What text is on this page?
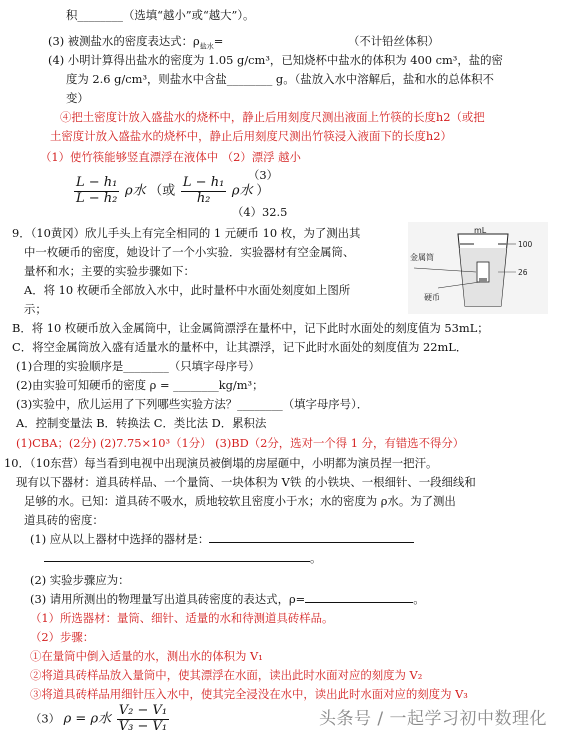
积________（选填“越小”或“越大”）。
(3) 被测盐水的密度表达式：$\rho_{盐水}=$	（不计铅丝体积）
(4) 小明计算得出盐水的密度为 1.05 g/cm³，已知烧杯中盐水的体积为 400 cm³，盐的密
度为 2.6 g/cm³，则盐水中含盐________ g。（盐放入水中溶解后，盐和水的总体积不
变）
④把土密度计放入盛盐水的烧杯中，静止后用刻度尺测出液面上竹筷的长度h2（或把
土密度计放入盛盐水的烧杯中，静止后用刻度尺测出竹筷浸入液面下的长度h2）
（1）使竹筷能够竖直漂浮在液体中 （2）漂浮 越小
（3）
$\frac{\text{L − h₁}}{\text{L − h₂}}$ ρ水 （或 $\frac{\text{L − h₁}}{\text{h₂}}$ ρ水 ）
（4）32.5
9．（10黄冈）欣儿手头上有完全相同的 1 元硬币 10 枚，为了测出其
中一枚硬币的密度，她设计了一个小实验．实验器材有空金属筒、
量杯和水；主要的实验步骤如下：
A．将 10 枚硬币全部放入水中，此时量杯中水面处刻度如上图所
示；
mL
100
26
金属筒
硬币
B．将 10 枚硬币放入金属筒中，让金属筒漂浮在量杯中，记下此时水面处的刻度值为 53mL；
C．将空金属筒放入盛有适量水的量杯中，让其漂浮，记下此时水面处的刻度值为 22mL．
(1)合理的实验顺序是________（只填字母序号）
(2)由实验可知硬币的密度 ρ = ________kg/m³；
(3)实验中，欣儿运用了下列哪些实验方法？________（填字母序号）．
A．控制变量法 B．转换法 C．类比法 D．累积法
(1)CBA；(2分) (2)7.75×10³（1分） (3)BD（2分，选对一个得 1 分，有错选不得分）
10．（10东营）每当看到电视中出现演员被倒塌的房屋砸中，小明都为演员捏一把汗。
现有以下器材：道具砖样品、一个量筒、一块体积为 V铁 的小铁块、一根细针、一段细线和
足够的水。已知：道具砖不吸水，质地较软且密度小于水；水的密度为 ρ水。为了测出
道具砖的密度：
(1) 应从以上器材中选择的器材是：
。
(2) 实验步骤应为：
(3) 请用所测出的物理量写出道具砖密度的表达式，ρ=	。
（1）所选器材：量筒、细针、适量的水和待测道具砖样品。
（2）步骤：
①在量筒中倒入适量的水，测出水的体积为 V₁
②将道具砖样品放入量筒中，使其漂浮在水面，读出此时水面对应的刻度为 V₂
③将道具砖样品用细针压入水中，使其完全浸没在水中，读出此时水面对应的刻度为 V₃
（3） ρ = ρ水 $\frac{\text{V₂ − V₁}}{\text{V₃ − V₁}}$	头条号 / 一起学习初中数理化
